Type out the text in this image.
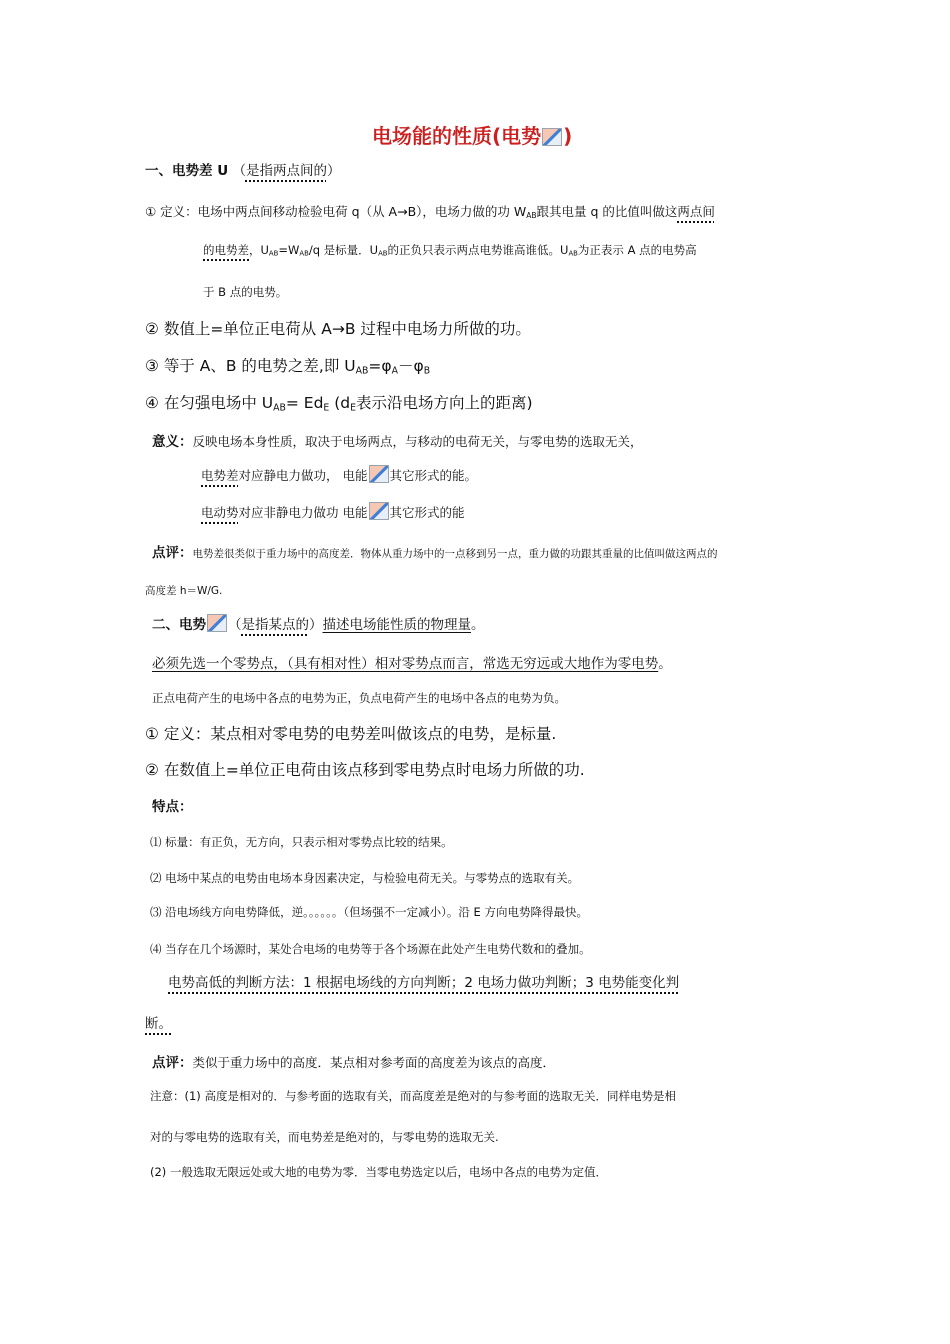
电场能的性质(电势 )
一、电势差 U （是指两点间的）
① 定义：电场中两点间移动检验电荷 q（从 A→B），电场力做的功 $W_{AB}$跟其电量 q 的比值叫做这两点间
的电势差，$U_{AB}=W_{AB}/q$ 是标量．$U_{AB}$的正负只表示两点电势谁高谁低。$U_{AB}$为正表示 A 点的电势高
于 B 点的电势。
② 数值上=单位正电荷从 A→B 过程中电场力所做的功。
③ 等于 A、B 的电势之差,即 $U_{AB}=\varphi_A-\varphi_B$
④ 在匀强电场中 $U_{AB}= Ed_E$ ($d_E$表示沿电场方向上的距离)
意义：反映电场本身性质，取决于电场两点，与移动的电荷无关，与零电势的选取无关，
电势差对应静电力做功， 电能 其它形式的能。
电动势对应非静电力做功 电能 其它形式的能
点评：电势差很类似于重力场中的高度差．物体从重力场中的一点移到另一点，重力做的功跟其重量的比值叫做这两点的
高度差 h＝W/G.
二、电势 （是指某点的）描述电场能性质的物理量。
必须先选一个零势点，（具有相对性）相对零势点而言，常选无穷远或大地作为零电势。
正点电荷产生的电场中各点的电势为正，负点电荷产生的电场中各点的电势为负。
① 定义：某点相对零电势的电势差叫做该点的电势，是标量.
② 在数值上=单位正电荷由该点移到零电势点时电场力所做的功.
特点：
⑴ 标量：有正负，无方向，只表示相对零势点比较的结果。
⑵ 电场中某点的电势由电场本身因素决定，与检验电荷无关。与零势点的选取有关。
⑶ 沿电场线方向电势降低，逆。。。。。。（但场强不一定减小）。沿 E 方向电势降得最快。
⑷ 当存在几个场源时，某处合电场的电势等于各个场源在此处产生电势代数和的叠加。
电势高低的判断方法：1 根据电场线的方向判断；2 电场力做功判断；3 电势能变化判
断。
点评：类似于重力场中的高度．某点相对参考面的高度差为该点的高度．
注意：(1) 高度是相对的．与参考面的选取有关，而高度差是绝对的与参考面的选取无关．同样电势是相
对的与零电势的选取有关，而电势差是绝对的，与零电势的选取无关.
(2) 一般选取无限远处或大地的电势为零．当零电势选定以后，电场中各点的电势为定值．
